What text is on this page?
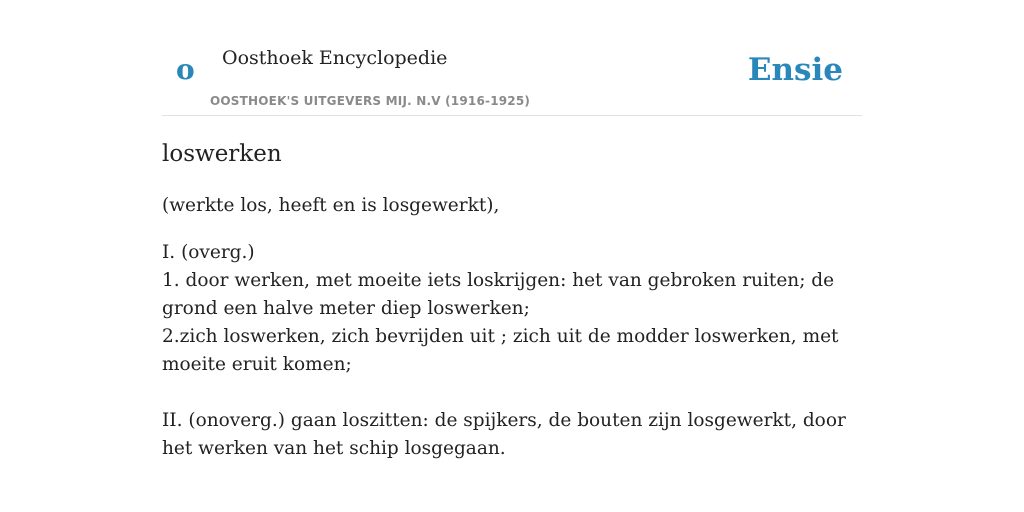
o Oosthoek Encyclopedie
OOSTHOEK'S UITGEVERS MIJ. N.V (1916-1925)
Ensie
loswerken

(werkte los, heeft en is losgewerkt),

I. (overg.)

1. door werken, met moeite iets loskrijgen: het van gebroken ruiten; de grond een halve meter diep loswerken;

2.zich loswerken, zich bevrijden uit ; zich uit de modder loswerken, met moeite eruit komen;

II. (onoverg.) gaan loszitten: de spijkers, de bouten zijn losgewerkt, door het werken van het schip losgegaan.
